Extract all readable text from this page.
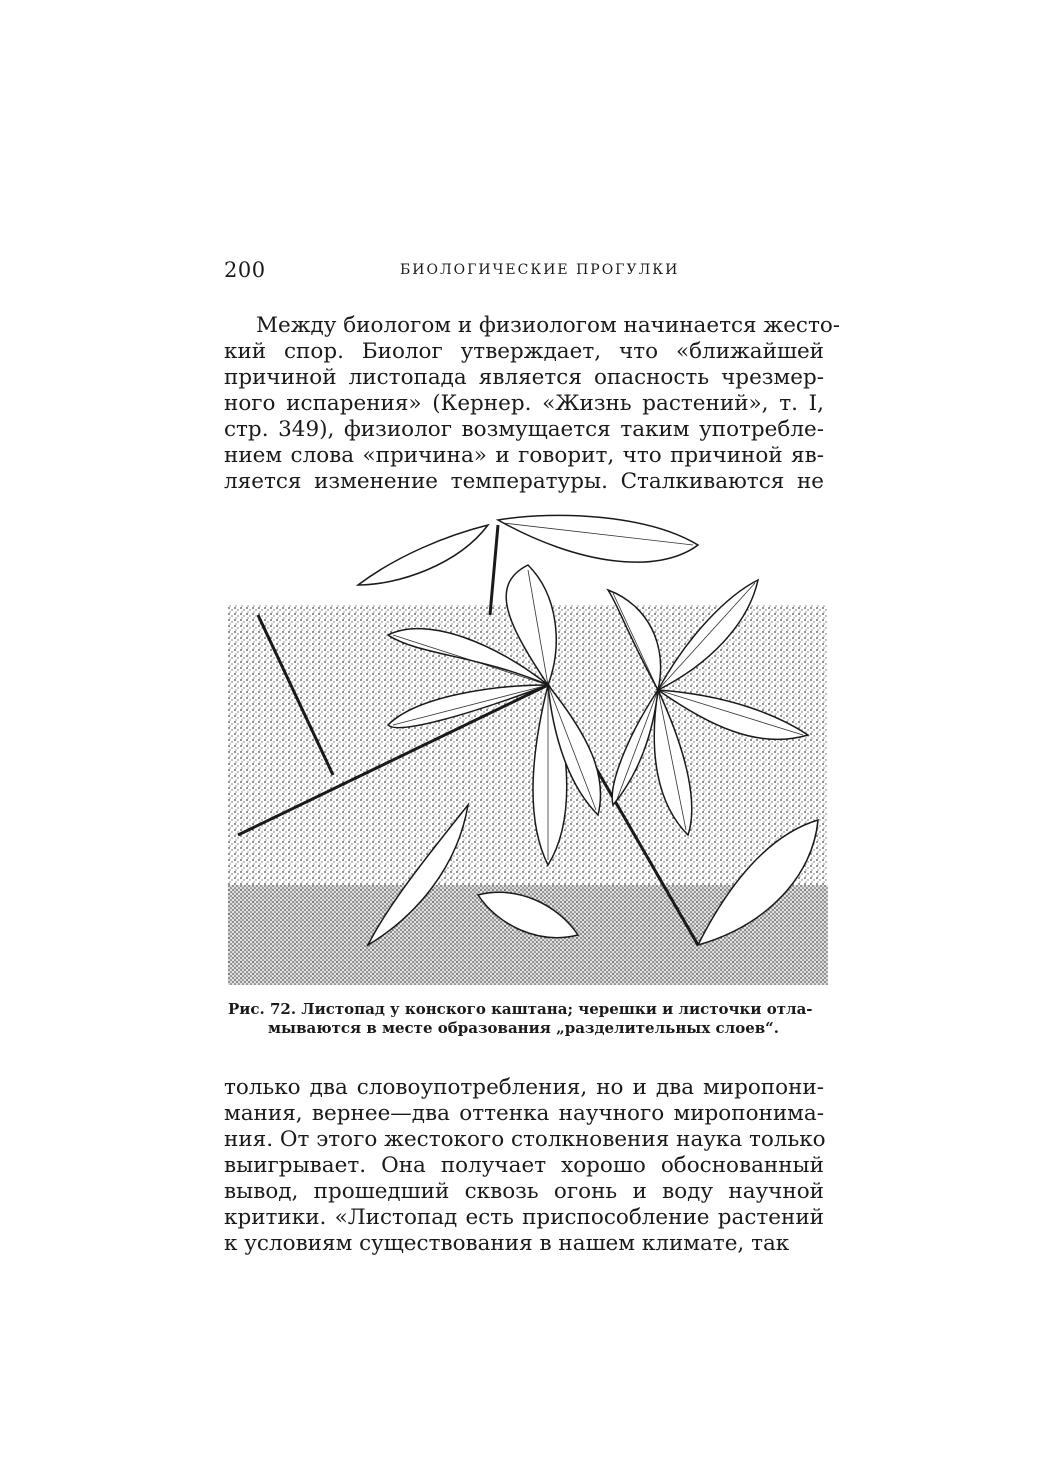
200	БИОЛОГИЧЕСКИЕ ПРОГУЛКИ
Между биологом и физиологом начинается жесто-
кий спор. Биолог утверждает, что «ближайшей
причиной листопада является опасность чрезмер-
ного испарения» (Кернер. «Жизнь растений», т. I,
стр. 349), физиолог возмущается таким употребле-
нием слова «причина» и говорит, что причиной яв-
ляется изменение температуры. Сталкиваются не
Рис. 72. Листопад у конского каштана; черешки и листочки отла-
мываются в месте образования „разделительных слоев“.
только два словоупотребления, но и два миропони-
мания, вернее—два оттенка научного миропонима-
ния. От этого жестокого столкновения наука только
выигрывает. Она получает хорошо обоснованный
вывод, прошедший сквозь огонь и воду научной
критики. «Листопад есть приспособление растений
к условиям существования в нашем климате, так
